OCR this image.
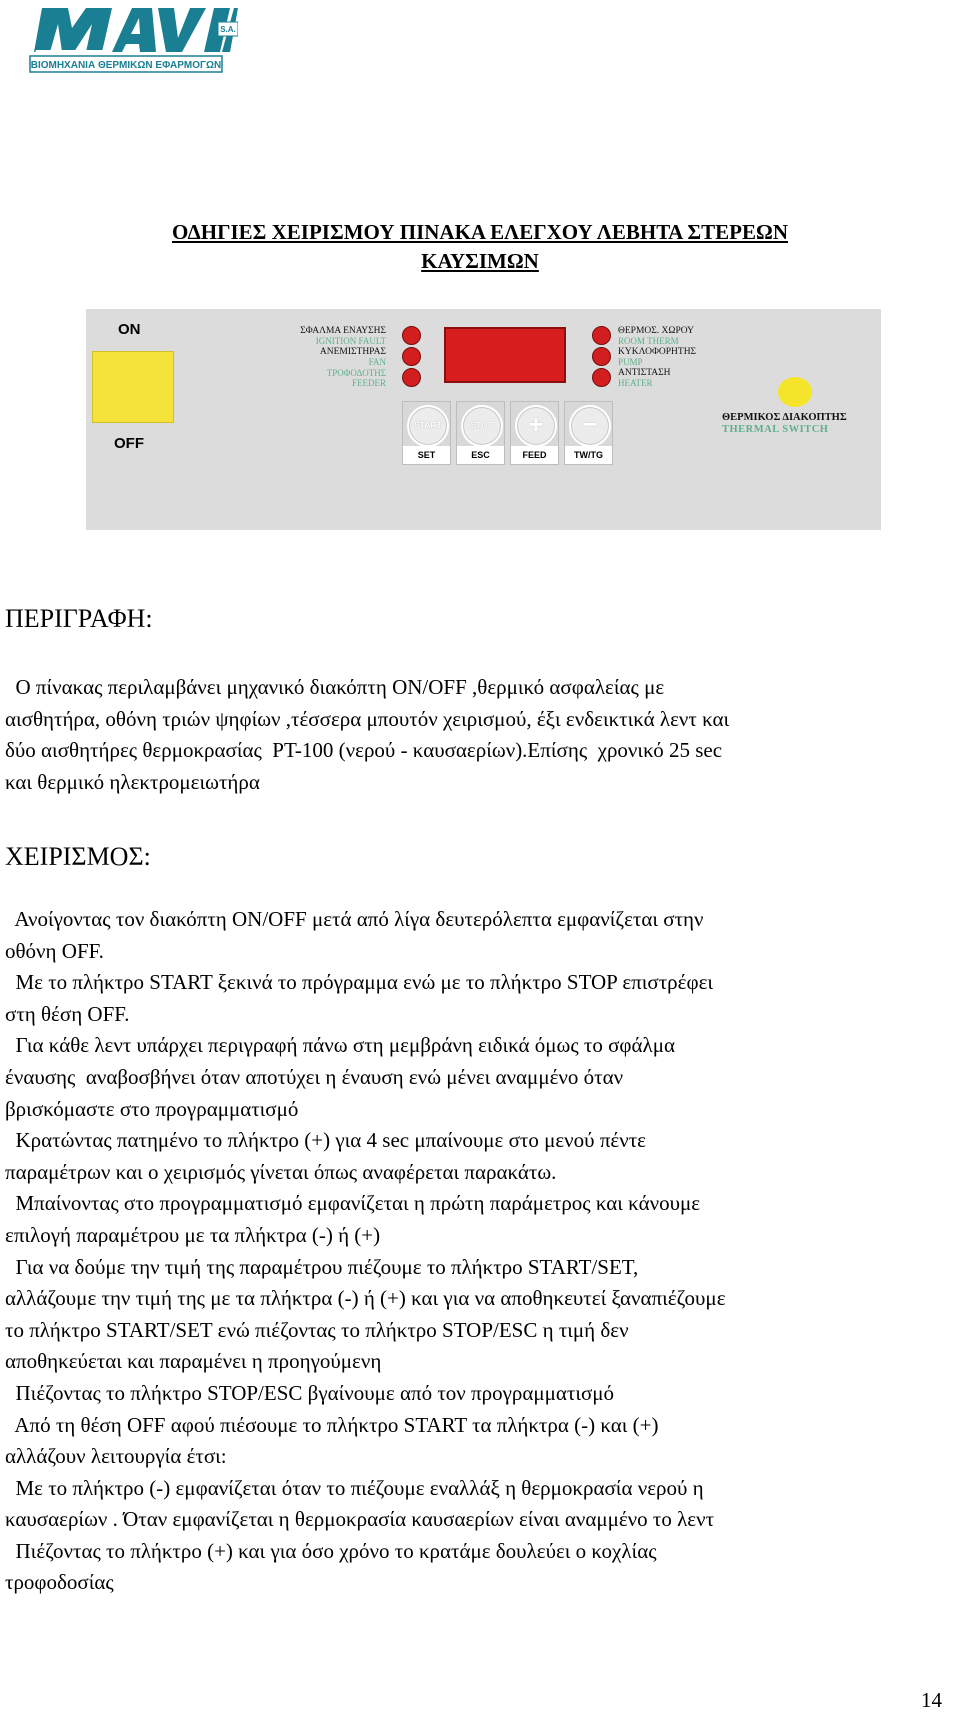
S.A.
ΒΙΟΜΗΧΑΝΙΑ ΘΕΡΜΙΚΩΝ ΕΦΑΡΜΟΓΩΝ
ΟΔΗΓΙΕΣ ΧΕΙΡΙΣΜΟΥ ΠΙΝΑΚΑ ΕΛΕΓΧΟΥ ΛΕΒΗΤΑ ΣΤΕΡΕΩΝ
ΚΑΥΣΙΜΩΝ
ON
OFF
ΣΦΑΛΜΑ ΕΝΑΥΣΗΣ
IGNITION FAULT
ΑΝΕΜΙΣΤΗΡΑΣ
FAN
ΤΡΟΦΟΔΟΤΗΣ
FEEDER
ΘΕΡΜΟΣ. ΧΩΡΟΥ
ROOM THERM
ΚΥΚΛΟΦΟΡΗΤΗΣ
PUMP
ΑΝΤΙΣΤΑΣΗ
HEATER
START
SET
STOP
ESC
+
FEED
−
TW/TG
ΘΕΡΜΙΚΟΣ ΔΙΑΚΟΠΤΗΣ
THERMAL SWITCH
ΠΕΡΙΓΡΑΦΗ:

Ο πίνακας περιλαμβάνει μηχανικό διακόπτη ON/OFF ,θερμικό ασφαλείας με

αισθητήρα, οθόνη τριών ψηφίων ,τέσσερα μπουτόν χειρισμού, έξι ενδεικτικά λεντ και

δύο αισθητήρες θερμοκρασίας  PT-100 (νερού - καυσαερίων).Επίσης  χρονικό 25 sec

και θερμικό ηλεκτρομειωτήρα

ΧΕΙΡΙΣΜΟΣ:

Ανοίγοντας τον διακόπτη ON/OFF μετά από λίγα δευτερόλεπτα εμφανίζεται στην

οθόνη OFF.

Με το πλήκτρο START ξεκινά το πρόγραμμα ενώ με το πλήκτρο STOP επιστρέφει

στη θέση OFF.

Για κάθε λεντ υπάρχει περιγραφή πάνω στη μεμβράνη ειδικά όμως το σφάλμα

έναυσης  αναβοσβήνει όταν αποτύχει η έναυση ενώ μένει αναμμένο όταν

βρισκόμαστε στο προγραμματισμό

Κρατώντας πατημένο το πλήκτρο (+) για 4 sec μπαίνουμε στο μενού πέντε

παραμέτρων και ο χειρισμός γίνεται όπως αναφέρεται παρακάτω.

Μπαίνοντας στο προγραμματισμό εμφανίζεται η πρώτη παράμετρος και κάνουμε

επιλογή παραμέτρου με τα πλήκτρα (-) ή (+)

Για να δούμε την τιμή της παραμέτρου πιέζουμε το πλήκτρο START/SET,

αλλάζουμε την τιμή της με τα πλήκτρα (-) ή (+) και για να αποθηκευτεί ξαναπιέζουμε

το πλήκτρο START/SET ενώ πιέζοντας το πλήκτρο STOP/ESC η τιμή δεν

αποθηκεύεται και παραμένει η προηγούμενη

Πιέζοντας το πλήκτρο STOP/ESC βγαίνουμε από τον προγραμματισμό

Από τη θέση OFF αφού πιέσουμε το πλήκτρο START τα πλήκτρα (-) και (+)

αλλάζουν λειτουργία έτσι:

Με το πλήκτρο (-) εμφανίζεται όταν το πιέζουμε εναλλάξ η θερμοκρασία νερού η

καυσαερίων . Όταν εμφανίζεται η θερμοκρασία καυσαερίων είναι αναμμένο το λεντ

Πιέζοντας το πλήκτρο (+) και για όσο χρόνο το κρατάμε δουλεύει ο κοχλίας

τροφοδοσίας

14
